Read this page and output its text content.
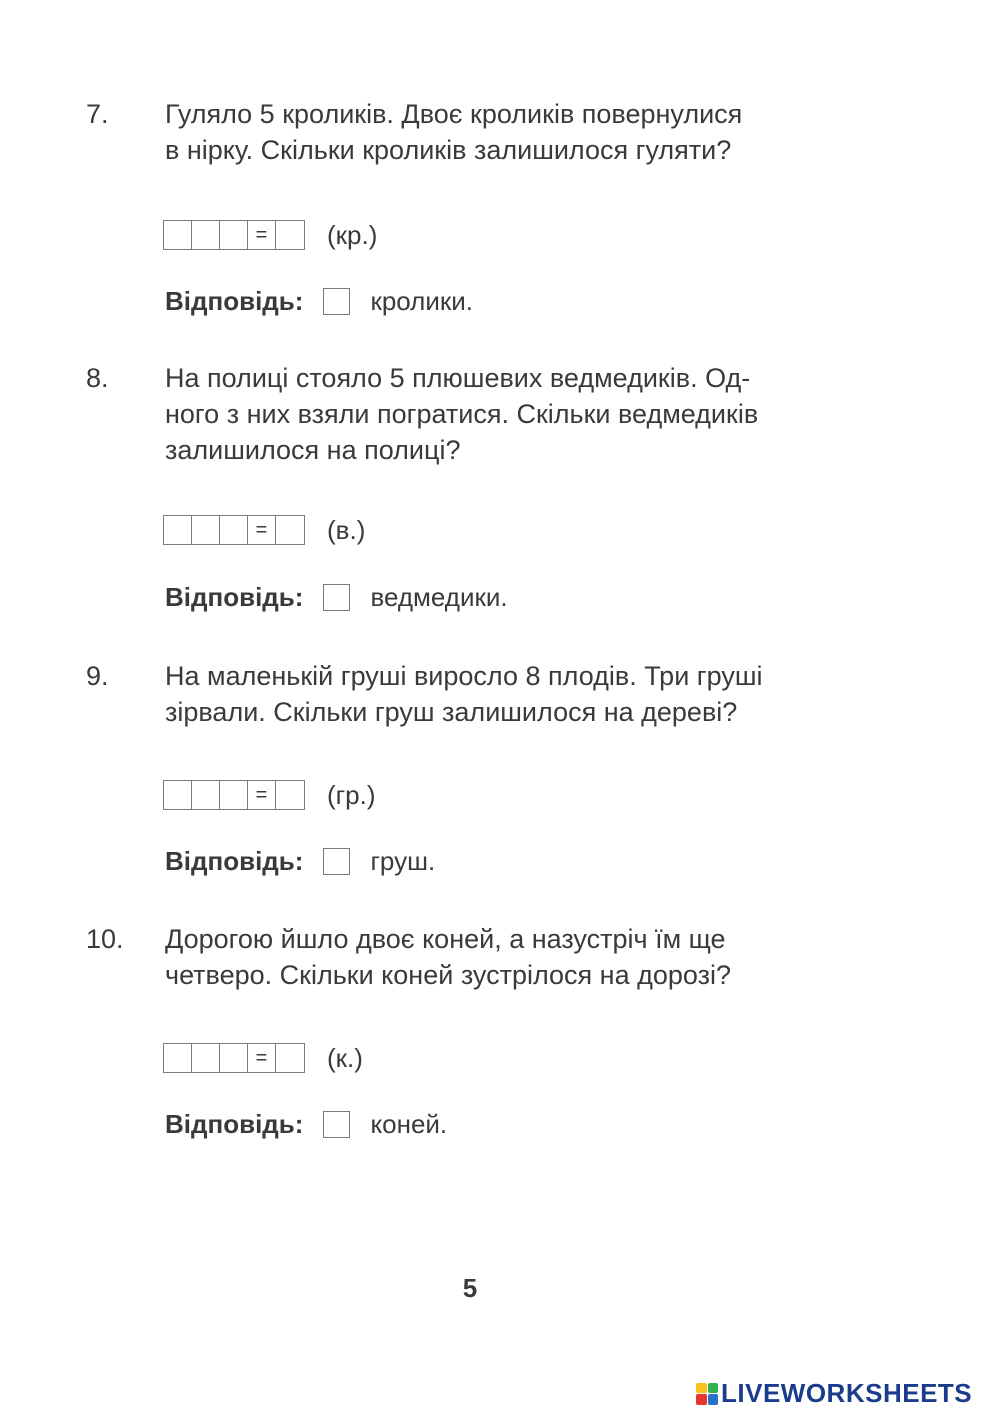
7. Гуляло 5 кроликів. Двоє кроликів повернулися
в нірку. Скільки кроликів залишилося гуляти?
=	(кр.)
Відповідь:	кролики.
8. На полиці стояло 5 плюшевих ведмедиків. Од-
ного з них взяли погратися. Скільки ведмедиків
залишилося на полиці?
=	(в.)
Відповідь:	ведмедики.
9. На маленькій груші виросло 8 плодів. Три груші
зірвали. Скільки груш залишилося на дереві?
=	(гр.)
Відповідь:	груш.
10. Дорогою йшло двоє коней, а назустріч їм ще
четверо. Скільки коней зустрілося на дорозі?
=	(к.)
Відповідь:	коней.
5
LIVEWORKSHEETS
